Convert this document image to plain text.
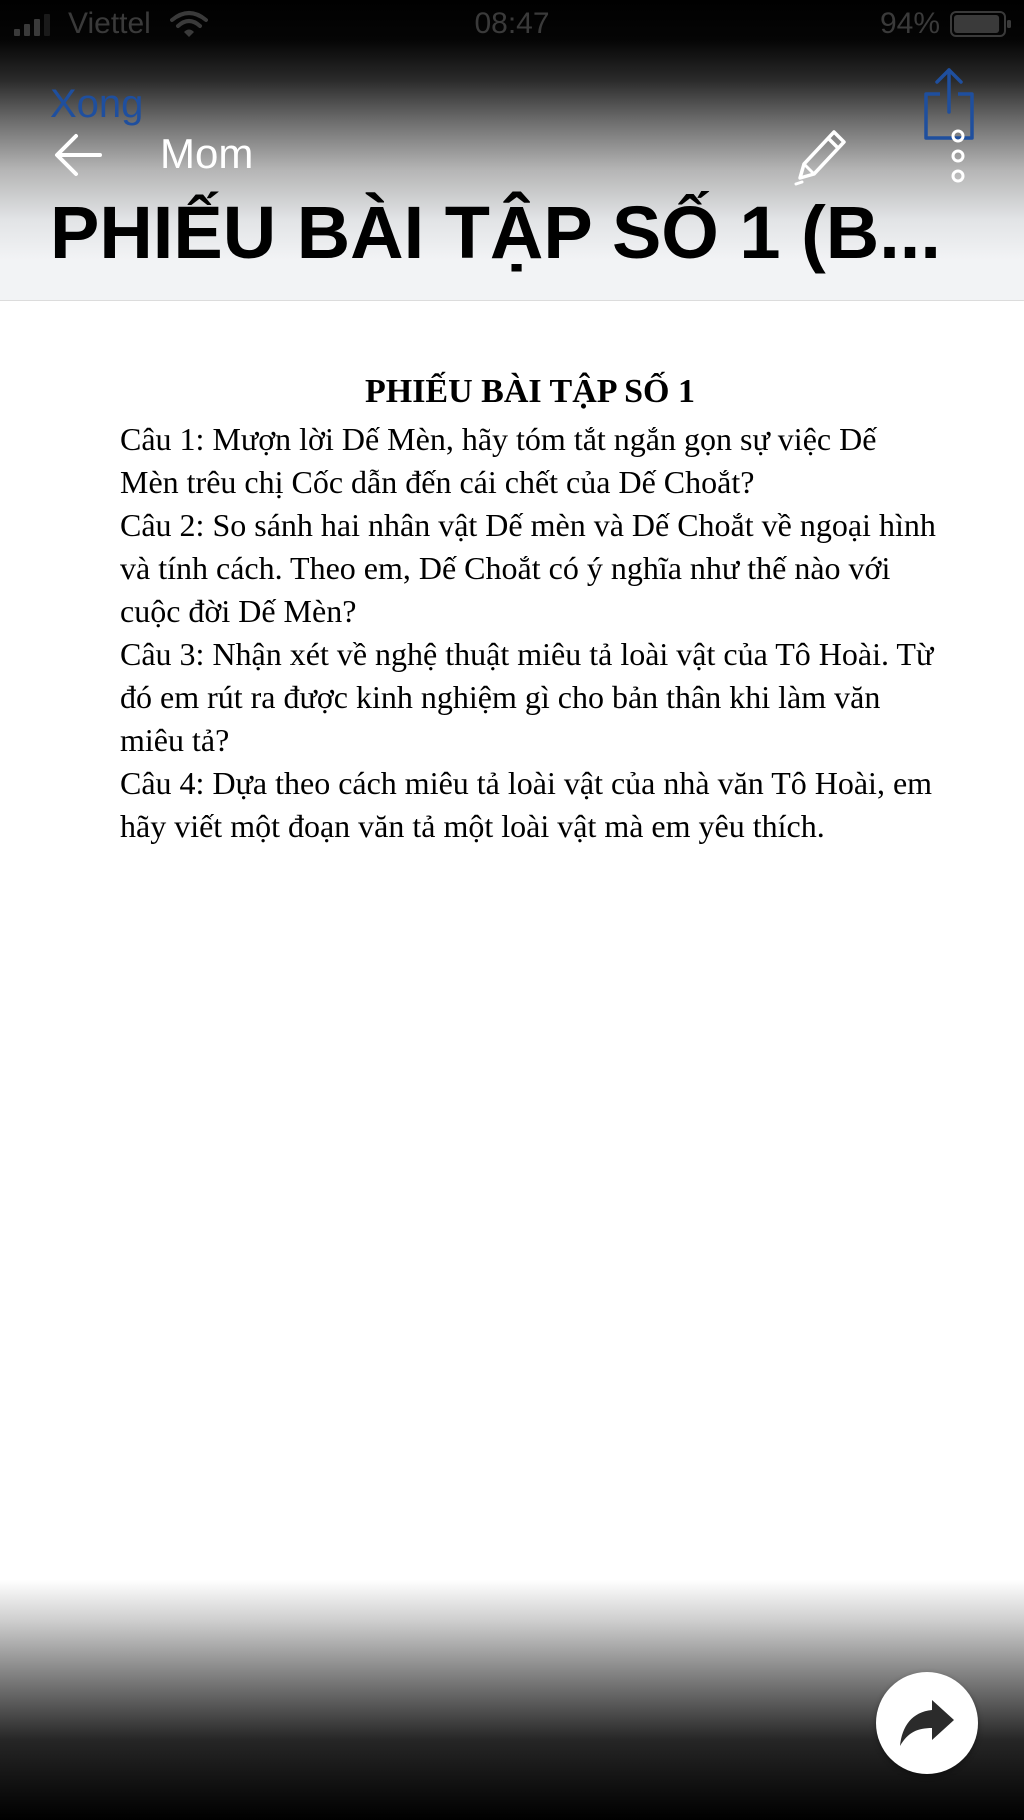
Viettel	08:47	94%
Xong
Mom
PHIẾU BÀI TẬP SỐ 1 (B...
PHIẾU BÀI TẬP SỐ 1

Câu 1: Mượn lời Dế Mèn, hãy tóm tắt ngắn gọn sự việc Dế Mèn trêu chị Cốc dẫn đến cái chết của Dế Choắt?

Câu 2: So sánh hai nhân vật Dế mèn và Dế Choắt về ngoại hình và tính cách. Theo em, Dế Choắt có ý nghĩa như thế nào với cuộc đời Dế Mèn?

Câu 3: Nhận xét về nghệ thuật miêu tả loài vật của Tô Hoài. Từ đó em rút ra được kinh nghiệm gì cho bản thân khi làm văn miêu tả?

Câu 4: Dựa theo cách miêu tả loài vật của nhà văn Tô Hoài, em hãy viết một đoạn văn tả một loài vật mà em yêu thích.
